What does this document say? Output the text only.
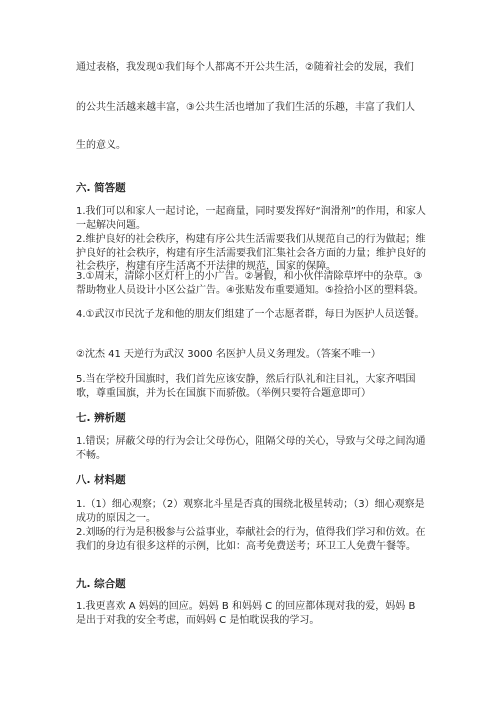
通过表格，我发现①我们每个人都离不开公共生活，②随着社会的发展，我们

的公共生活越来越丰富，③公共生活也增加了我们生活的乐趣，丰富了我们人

生的意义。

六. 简答题

1.我们可以和家人一起讨论，一起商量，同时要发挥好“润滑剂”的作用，和家人一起解决问题。

2.维护良好的社会秩序，构建有序公共生活需要我们从规范自己的行为做起；维护良好的社会秩序，构建有序生活需要我们汇集社会各方面的力量；维护良好的社会秩序，构建有序生活离不开法律的规范，国家的保障。

3.①周末，清除小区灯杆上的小广告。②暑假，和小伙伴清除草坪中的杂草。③帮助物业人员设计小区公益广告。④张贴发布重要通知。⑤捡拾小区的塑料袋。

4.①武汉市民沈子龙和他的朋友们组建了一个志愿者群，每日为医护人员送餐。

②沈杰 41 天逆行为武汉 3000 名医护人员义务理发。（答案不唯一）

5.当在学校升国旗时，我们首先应该安静，然后行队礼和注目礼，大家齐唱国歌，尊重国旗，并为长在国旗下而骄傲。（举例只要符合题意即可）

七. 辨析题

1.错误；屏蔽父母的行为会让父母伤心，阻隔父母的关心，导致与父母之间沟通不畅。

八. 材料题

1.（1）细心观察；（2）观察北斗星是否真的围绕北极星转动；（3）细心观察是成功的原因之一。

2.刘旸的行为是积极参与公益事业，奉献社会的行为，值得我们学习和仿效。在我们的身边有很多这样的示例，比如：高考免费送考；环卫工人免费午餐等。

九. 综合题

1.我更喜欢 A 妈妈的回应。妈妈 B 和妈妈 C 的回应都体现对我的爱，妈妈 B 是出于对我的安全考虑，而妈妈 C 是怕耽误我的学习。
